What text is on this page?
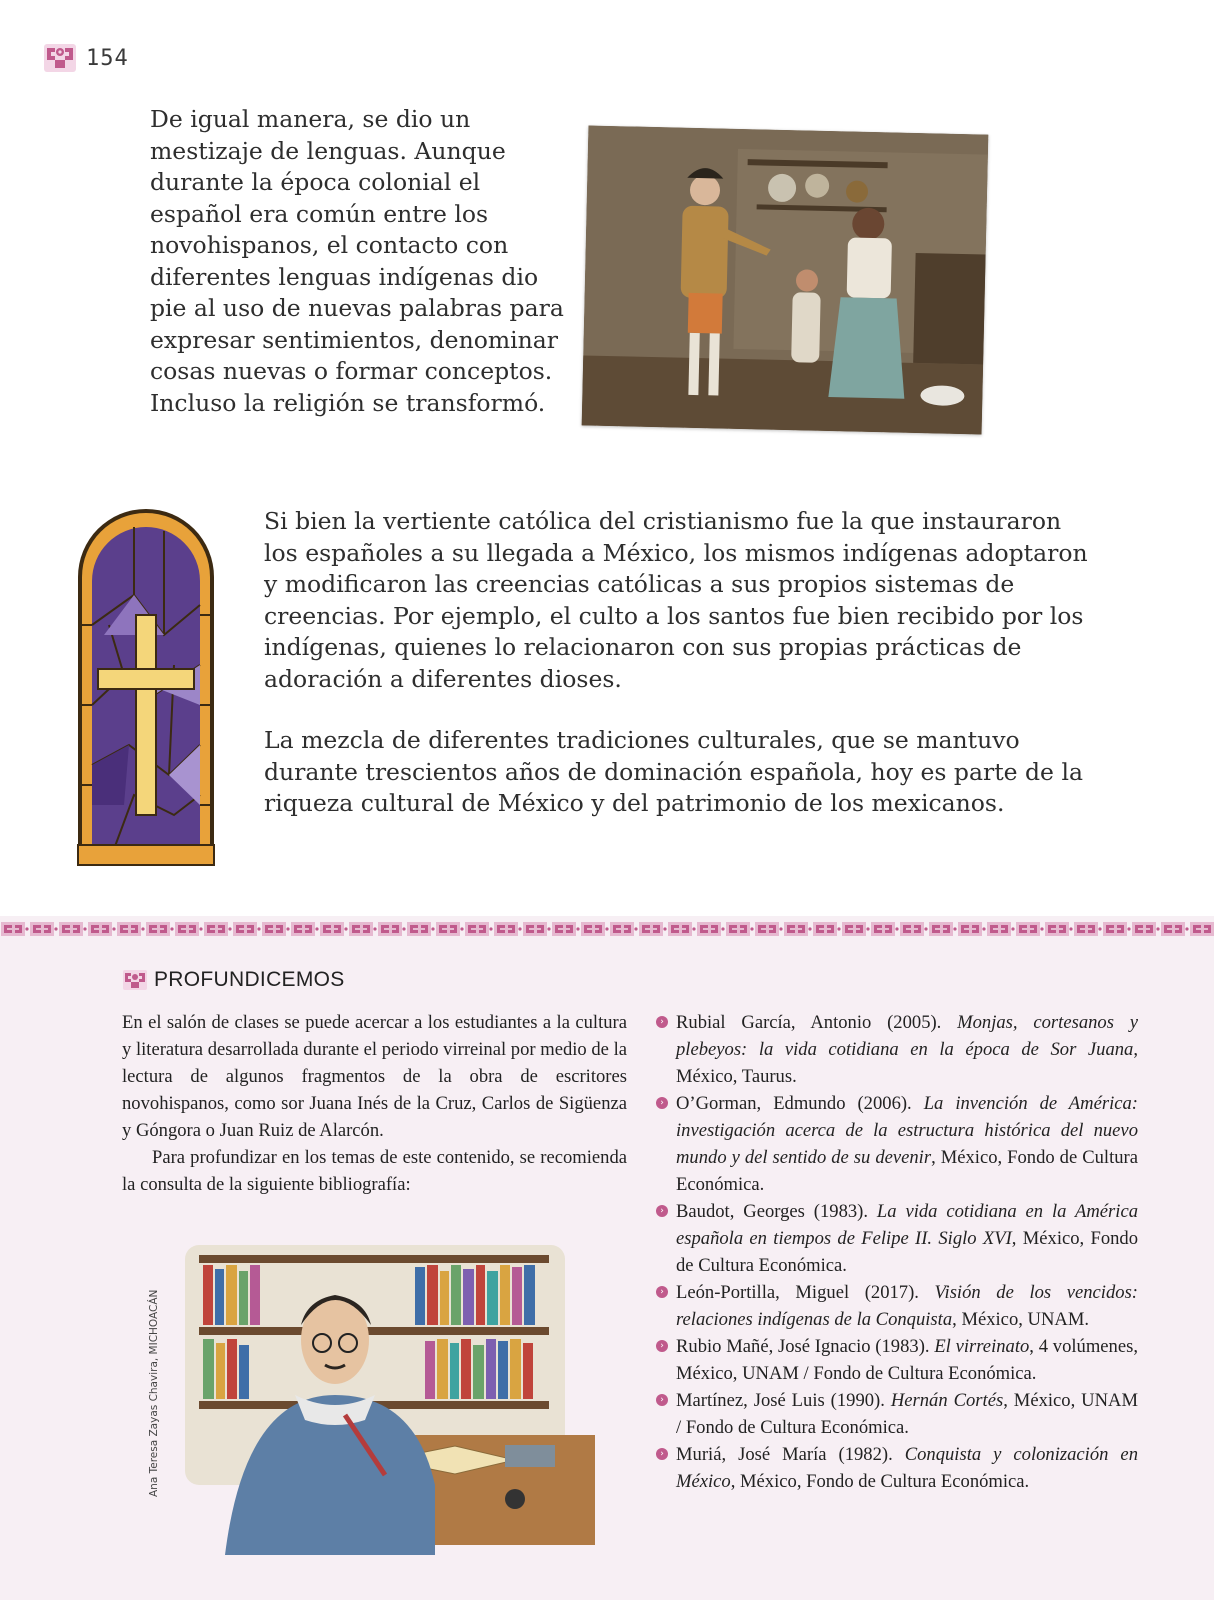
154
De igual manera, se dio un mestizaje de lenguas. Aunque durante la época colonial el español era común entre los novohispanos, el contacto con diferentes lenguas indígenas dio pie al uso de nuevas palabras para expresar sentimientos, denominar cosas nuevas o formar conceptos. Incluso la religión se transformó.

Si bien la vertiente católica del cristianismo fue la que instauraron los españoles a su llegada a México, los mismos indígenas adoptaron y modificaron las creencias católicas a sus propios sistemas de creencias. Por ejemplo, el culto a los santos fue bien recibido por los indígenas, quienes lo relacionaron con sus propias prácticas de adoración a diferentes dioses.

La mezcla de diferentes tradiciones culturales, que se mantuvo durante trescientos años de dominación española, hoy es parte de la riqueza cultural de México y del patrimonio de los mexicanos.

PROFUNDICEMOS

En el salón de clases se puede acercar a los estudiantes a la cultura y literatura desarrollada durante el periodo virreinal por medio de la lectura de algunos fragmentos de la obra de escritores novohispanos, como sor Juana Inés de la Cruz, Carlos de Sigüenza y Góngora o Juan Ruiz de Alarcón.

Para profundizar en los temas de este contenido, se recomienda la consulta de la siguiente bibliografía:

Ana Teresa Zayas Chavira, MICHOACÁN
› Rubial García, Antonio (2005). Monjas, cortesanos y plebeyos: la vida cotidiana en la época de Sor Juana, México, Taurus.
› O’Gorman, Edmundo (2006). La invención de América: investigación acerca de la estructura histórica del nuevo mundo y del sentido de su devenir, México, Fondo de Cultura Económica.
› Baudot, Georges (1983). La vida cotidiana en la América española en tiempos de Felipe II. Siglo XVI, México, Fondo de Cultura Económica.
› León-Portilla, Miguel (2017). Visión de los vencidos: relaciones indígenas de la Conquista, México, UNAM.
› Rubio Mañé, José Ignacio (1983). El virreinato, 4 volúmenes, México, UNAM / Fondo de Cultura Económica.
› Martínez, José Luis (1990). Hernán Cortés, México, UNAM / Fondo de Cultura Económica.
› Muriá, José María (1982). Conquista y colonización en México, México, Fondo de Cultura Económica.
